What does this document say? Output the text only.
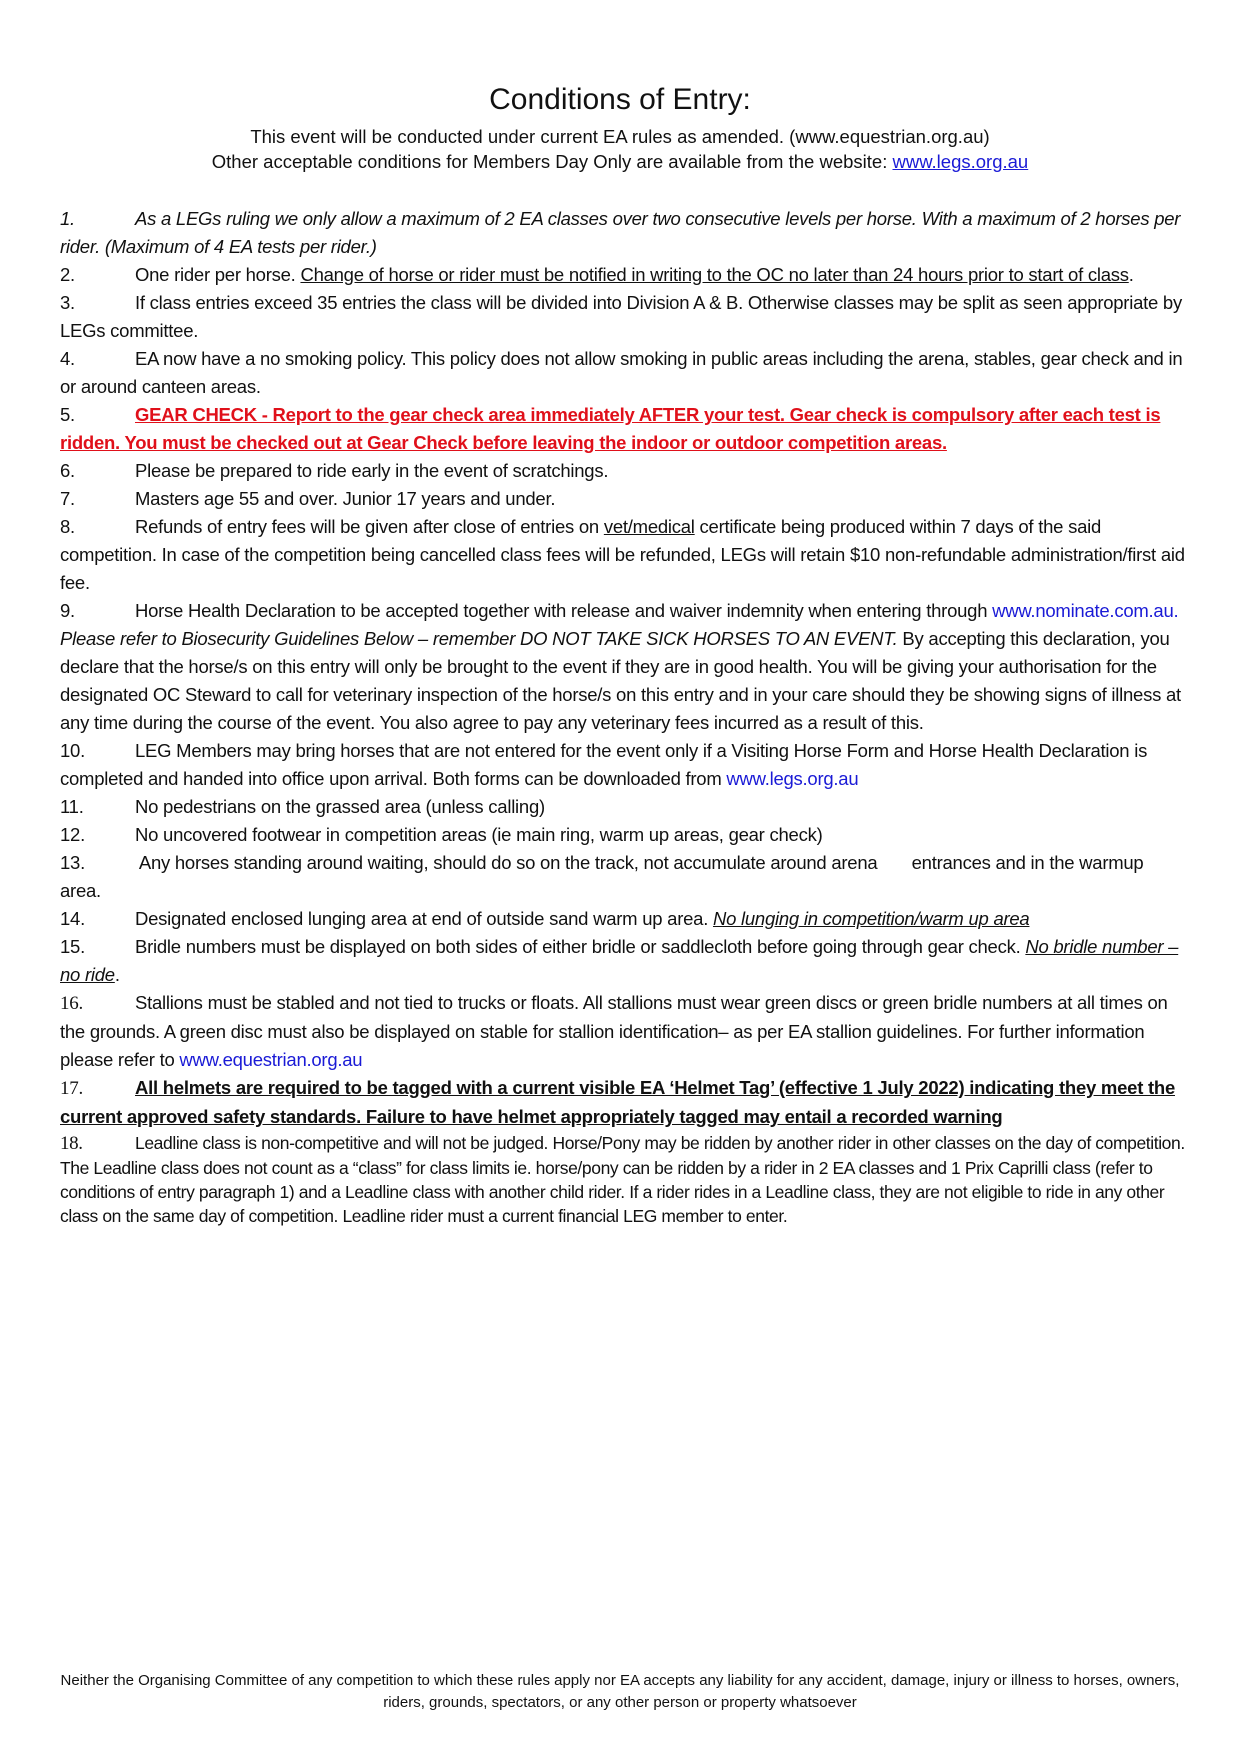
Conditions of Entry:
This event will be conducted under current EA rules as amended. (www.equestrian.org.au)
Other acceptable conditions for Members Day Only are available from the website: www.legs.org.au

1.	As a LEGs ruling we only allow a maximum of 2 EA classes over two consecutive levels per horse. With a maximum of 2 horses per rider. (Maximum of 4 EA tests per rider.)

2.	One rider per horse. Change of horse or rider must be notified in writing to the OC no later than 24 hours prior to start of class.

3.	If class entries exceed 35 entries the class will be divided into Division A & B. Otherwise classes may be split as seen appropriate by LEGs committee.

4.	EA now have a no smoking policy. This policy does not allow smoking in public areas including the arena, stables, gear check and in or around canteen areas.

5.	GEAR CHECK - Report to the gear check area immediately AFTER your test. Gear check is compulsory after each test is ridden. You must be checked out at Gear Check before leaving the indoor or outdoor competition areas.

6.	Please be prepared to ride early in the event of scratchings.

7.	Masters age 55 and over. Junior 17 years and under.

8.	Refunds of entry fees will be given after close of entries on vet/medical certificate being produced within 7 days of the said competition. In case of the competition being cancelled class fees will be refunded, LEGs will retain $10 non-refundable administration/first aid fee.

9.	Horse Health Declaration to be accepted together with release and waiver indemnity when entering through www.nominate.com.au. Please refer to Biosecurity Guidelines Below – remember DO NOT TAKE SICK HORSES TO AN EVENT. By accepting this declaration, you declare that the horse/s on this entry will only be brought to the event if they are in good health. You will be giving your authorisation for the designated OC Steward to call for veterinary inspection of the horse/s on this entry and in your care should they be showing signs of illness at any time during the course of the event. You also agree to pay any veterinary fees incurred as a result of this.

10.	LEG Members may bring horses that are not entered for the event only if a Visiting Horse Form and Horse Health Declaration is completed and handed into office upon arrival. Both forms can be downloaded from www.legs.org.au

11.	No pedestrians on the grassed area (unless calling)

12.	No uncovered footwear in competition areas (ie main ring, warm up areas, gear check)

13.	Any horses standing around waiting, should do so on the track, not accumulate around arena       entrances and in the warmup area.

14.	Designated enclosed lunging area at end of outside sand warm up area. No lunging in competition/warm up area

15.	Bridle numbers must be displayed on both sides of either bridle or saddlecloth before going through gear check. No bridle number – no ride.

16.	Stallions must be stabled and not tied to trucks or floats. All stallions must wear green discs or green bridle numbers at all times on the grounds. A green disc must also be displayed on stable for stallion identification– as per EA stallion guidelines. For further information please refer to www.equestrian.org.au

17.	All helmets are required to be tagged with a current visible EA ‘Helmet Tag’ (effective 1 July 2022) indicating they meet the current approved safety standards. Failure to have helmet appropriately tagged may entail a recorded warning

18.	Leadline class is non-competitive and will not be judged. Horse/Pony may be ridden by another rider in other classes on the day of competition. The Leadline class does not count as a “class” for class limits ie. horse/pony can be ridden by a rider in 2 EA classes and 1 Prix Caprilli class (refer to conditions of entry paragraph 1) and a Leadline class with another child rider. If a rider rides in a Leadline class, they are not eligible to ride in any other class on the same day of competition. Leadline rider must a current financial LEG member to enter.

Neither the Organising Committee of any competition to which these rules apply nor EA accepts any liability for any accident, damage, injury or illness to horses, owners, riders, grounds, spectators, or any other person or property whatsoever
